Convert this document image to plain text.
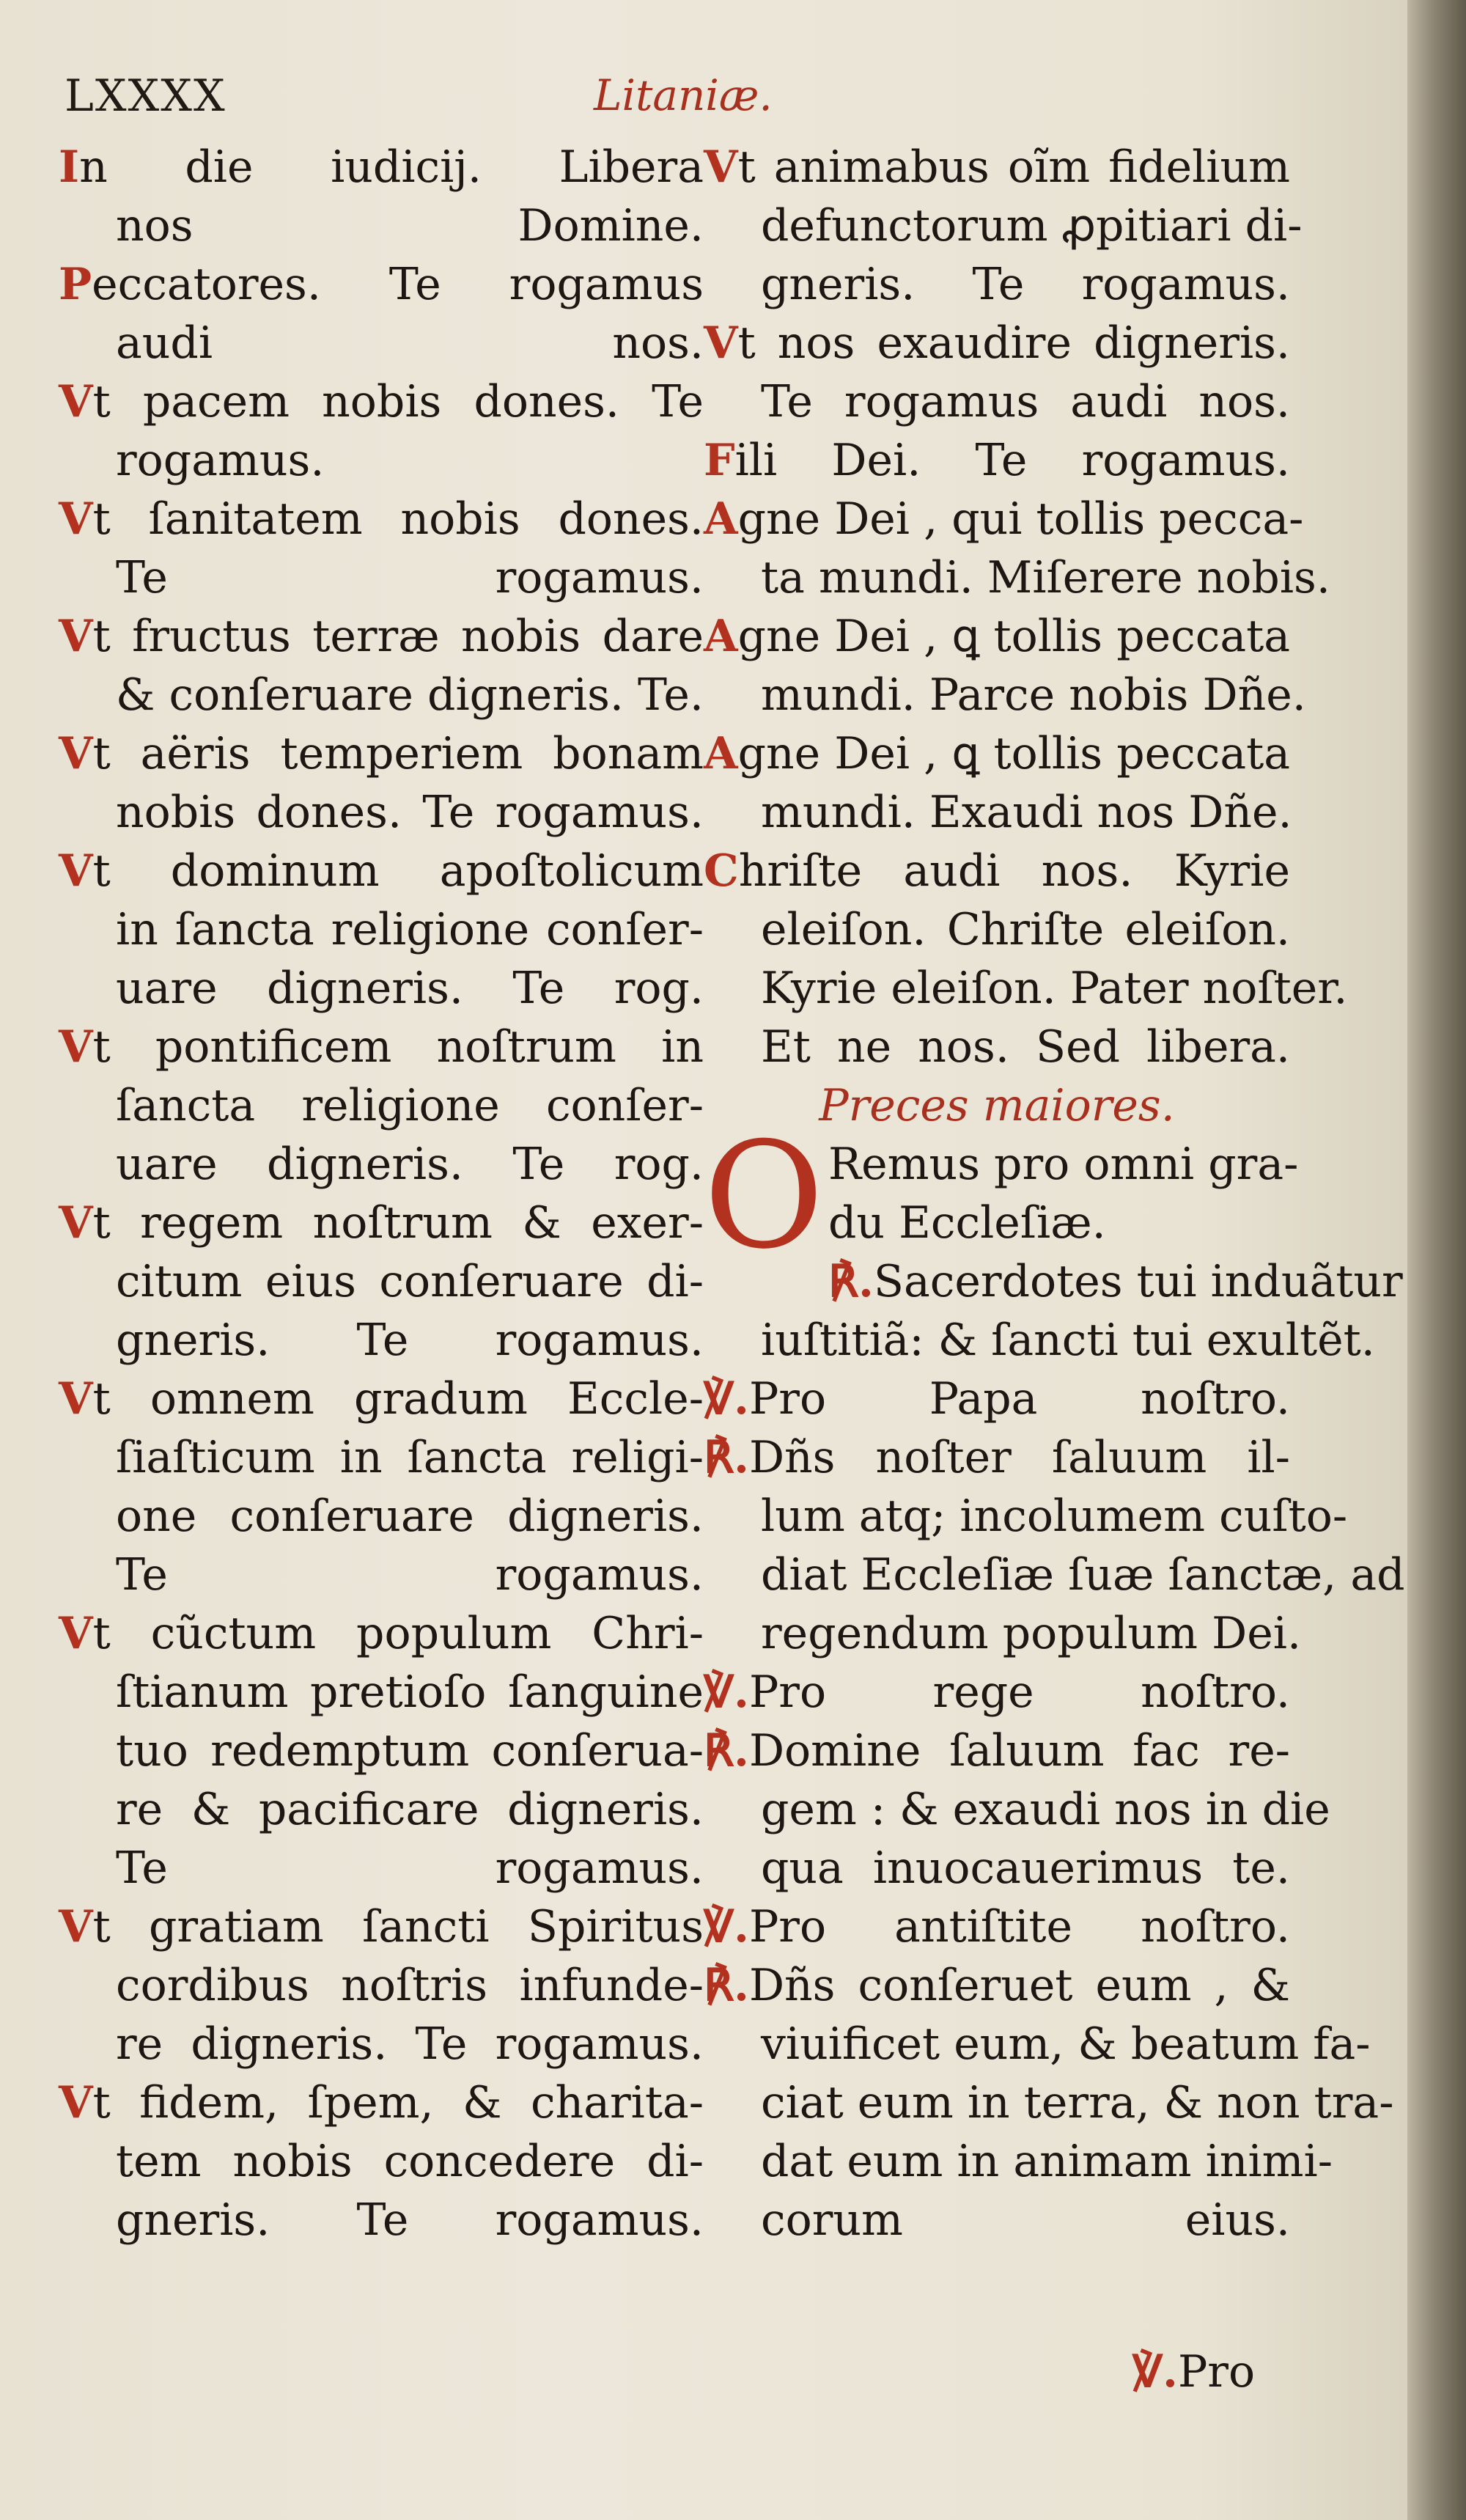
LXXXX	Litaniæ.
In die iudicij. Libera
nos Domine.
Peccatores. Te rogamus
audi nos.
Vt pacem nobis dones. Te
rogamus.
Vt ſanitatem nobis dones.
Te rogamus.
Vt fructus terræ nobis dare
& conſeruare digneris. Te.
Vt aëris temperiem bonam
nobis dones. Te rogamus.
Vt dominum apoſtolicum
in ſancta religione conſer-
uare digneris. Te rog.
Vt pontificem noſtrum in
ſancta religione conſer-
uare digneris. Te rog.
Vt regem noſtrum & exer-
citum eius conſeruare di-
gneris. Te rogamus.
Vt omnem gradum Eccle-
ſiaſticum in ſancta religi-
one conſeruare digneris.
Te rogamus.
Vt cũctum populum Chri-
ſtianum pretioſo ſanguine
tuo redemptum conſerua-
re & pacificare digneris.
Te rogamus.
Vt gratiam ſancti Spiritus
cordibus noſtris infunde-
re digneris. Te rogamus.
Vt fidem, ſpem, & charita-
tem nobis concedere di-
gneris. Te rogamus.
Vt animabus oĩm fidelium
defunctorum ꝓpitiari di-
gneris. Te rogamus.
Vt nos exaudire digneris.
Te rogamus audi nos.
Fili Dei. Te rogamus.
Agne Dei , qui tollis pecca-
ta mundi. Miſerere nobis.
Agne Dei , ꝗ tollis peccata
mundi. Parce nobis Dñe.
Agne Dei , ꝗ tollis peccata
mundi. Exaudi nos Dñe.
Chriſte audi nos. Kyrie
eleiſon. Chriſte eleiſon.
Kyrie eleiſon. Pater noſter.
Et ne nos. Sed libera.
Preces maiores.
O Remus pro omni gra-
du Eccleſiæ.
℟.Sacerdotes tui induãtur
iuſtitiã: & ſancti tui exultẽt.
℣.Pro Papa noſtro.
℟.Dñs noſter ſaluum il-
lum atq; incolumem cuſto-
diat Eccleſiæ ſuæ ſanctæ, ad
regendum populum Dei.
℣.Pro rege noſtro.
℟.Domine ſaluum fac re-
gem : & exaudi nos in die
qua inuocauerimus te.
℣.Pro antiſtite noſtro.
℟.Dñs conſeruet eum , &
viuificet eum, & beatum fa-
ciat eum in terra, & non tra-
dat eum in animam inimi-
corum eius.
℣.Pro
